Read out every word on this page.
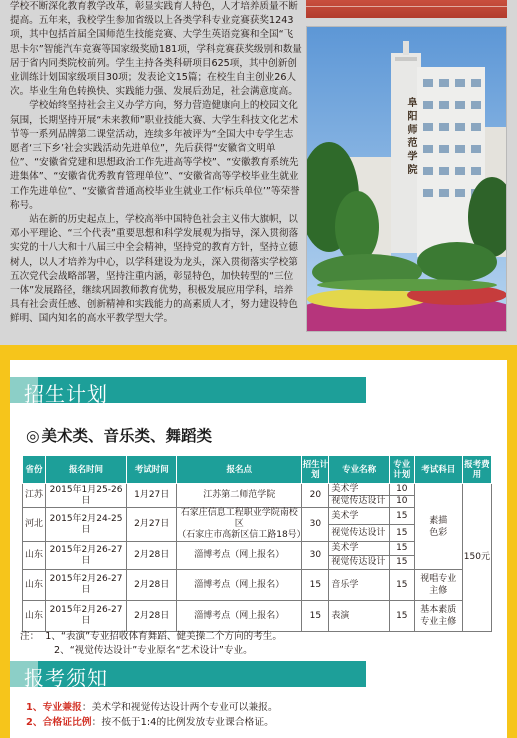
学校不断深化教育教学改革，彰显实践育人特色，人才培养质量不断提高。五年来，我校学生参加省级以上各类学科专业竞赛获奖1243项，其中包括首届全国师范生技能竞赛、大学生英语竞赛和全国“飞思卡尔”智能汽车竞赛等国家级奖励181项，学科竞赛获奖级别和数量居于省内同类院校前列。学生主持各类科研项目625项，其中创新创业训练计划国家级项目30项；发表论文15篇；在校生自主创业26人次。毕业生角色转换快、实践能力强、发展后劲足，社会满意度高。

学校始终坚持社会主义办学方向，努力营造健康向上的校园文化氛围，长期坚持开展“未来教师”职业技能大赛、大学生科技文化艺术节等一系列品牌第二课堂活动，连续多年被评为“全国大中专学生志愿者‘三下乡’社会实践活动先进单位”，先后获得“安徽省文明单位”、“安徽省党建和思想政治工作先进高等学校”、“安徽教育系统先进集体”、“安徽省优秀教育管理单位”、“安徽省高等学校毕业生就业工作先进单位”、“安徽省普通高校毕业生就业工作‘标兵单位’”等荣誉称号。

站在新的历史起点上，学校高举中国特色社会主义伟大旗帜，以邓小平理论、“三个代表”重要思想和科学发展观为指导，深入贯彻落实党的十八大和十八届三中全会精神，坚持党的教育方针，坚持立德树人，以人才培养为中心，以学科建设为龙头，深入贯彻落实学校第五次党代会战略部署，坚持注重内涵，彰显特色，加快转型的“三位一体”发展路径，继续巩固教师教育优势，积极发展应用学科，培养具有社会责任感、创新精神和实践能力的高素质人才，努力建设特色鲜明、国内知名的高水平教学型大学。

阜 阳 师 范 学 院
招生计划
◎ 美术类、音乐类、舞蹈类
省份	报名时间	考试时间	报名点	招生计划	专业名称	专业计划	考试科目	报考费用
江苏	2015年1月25-26日	1月27日	江苏第二师范学院	20	美术学	10	素描色彩	150元
					视觉传达设计	10		
河北	2015年2月24-25日	2月27日	石家庄信息工程职业学院南校区
（石家庄市高新区信工路18号）	30	美术学	15		
					视觉传达设计	15		
山东	2015年2月26-27日	2月28日	淄博考点（网上报名）	30	美术学	15		
					视觉传达设计	15		
山东	2015年2月26-27日	2月28日	淄博考点（网上报名）	15	音乐学	15	视唱专业主修	
山东	2015年2月26-27日	2月28日	淄博考点（网上报名）	15	表演	15	基本素质专业主修	
注： 1、“表演”专业招收体育舞蹈、健美操二个方向的考生。
2、“视觉传达设计”专业原名“艺术设计”专业。
报考须知
1、专业兼报：美术学和视觉传达设计两个专业可以兼报。
2、合格证比例：按不低于1:4的比例发放专业课合格证。
